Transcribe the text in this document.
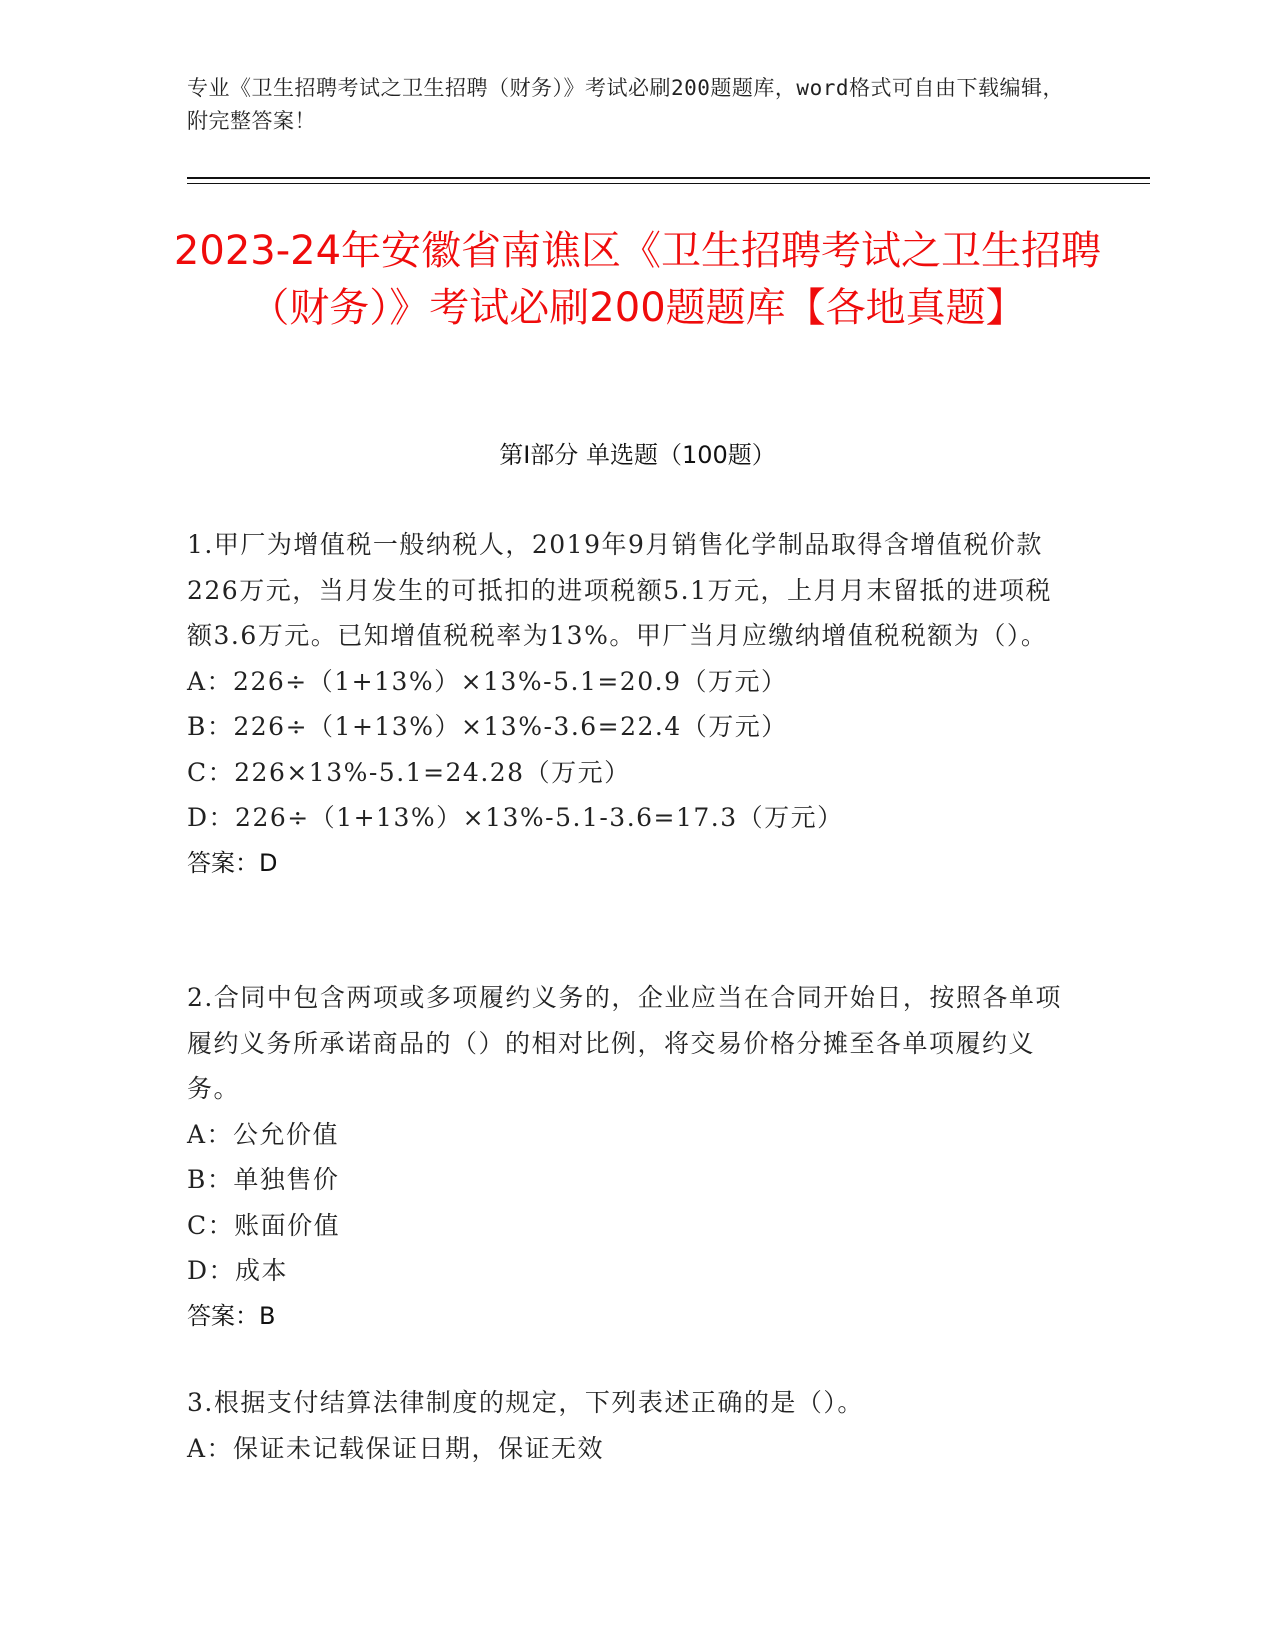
专业《卫生招聘考试之卫生招聘（财务）》考试必刷200题题库，word格式可自由下载编辑，附完整答案！
2023-24年安徽省南谯区《卫生招聘考试之卫生招聘（财务）》考试必刷200题题库【各地真题】
第Ⅰ部分 单选题（100题）
1.甲厂为增值税一般纳税人，2019年9月销售化学制品取得含增值税价款226万元，当月发生的可抵扣的进项税额5.1万元，上月月末留抵的进项税额3.6万元。已知增值税税率为13%。甲厂当月应缴纳增值税税额为（）。
A：226÷（1+13%）×13%-5.1=20.9（万元）
B：226÷（1+13%）×13%-3.6=22.4（万元）
C：226×13%-5.1=24.28（万元）
D：226÷（1+13%）×13%-5.1-3.6=17.3（万元）
答案：D
2.合同中包含两项或多项履约义务的，企业应当在合同开始日，按照各单项履约义务所承诺商品的（）的相对比例，将交易价格分摊至各单项履约义务。
A：公允价值
B：单独售价
C：账面价值
D：成本
答案：B
3.根据支付结算法律制度的规定，下列表述正确的是（）。
A：保证未记载保证日期，保证无效
